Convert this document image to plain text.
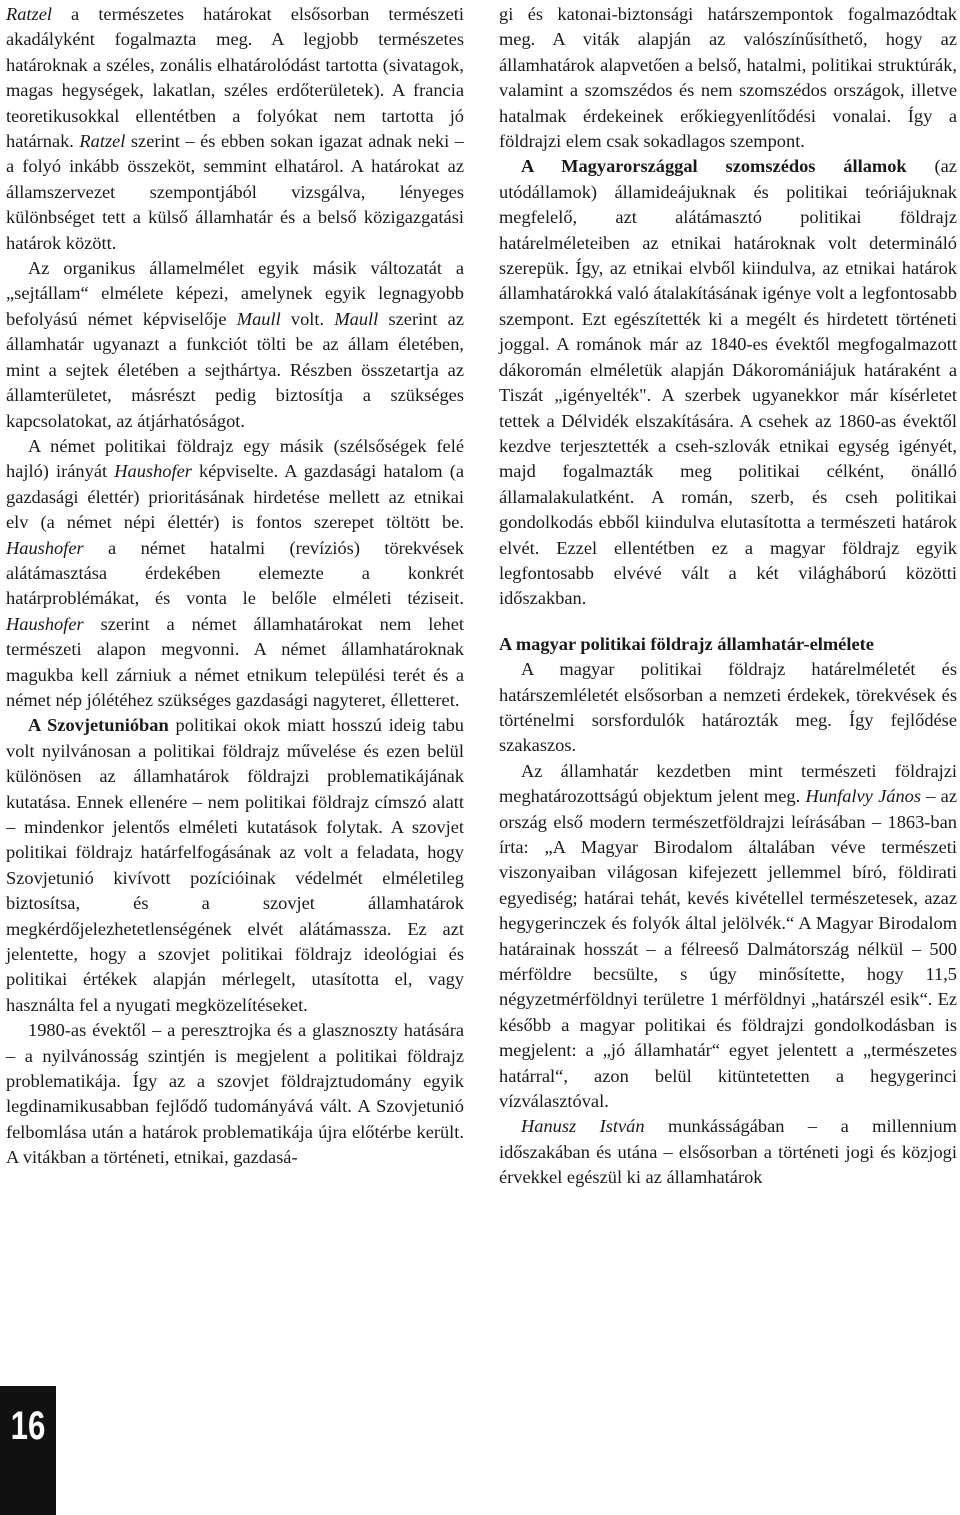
Ratzel a természetes határokat elsősorban természeti akadályként fogalmazta meg. A legjobb természetes határoknak a széles, zonális elhatárolódást tartotta (sivatagok, magas hegységek, lakatlan, széles erdőterületek). A francia teoretikusokkal ellentétben a folyókat nem tartotta jó határnak. Ratzel szerint – és ebben sokan igazat adnak neki – a folyó inkább összeköt, semmint elhatárol. A határokat az államszervezet szempontjából vizsgálva, lényeges különbséget tett a külső államhatár és a belső közigazgatási határok között.

Az organikus államelmélet egyik másik változatát a „sejtállam“ elmélete képezi, amelynek egyik legnagyobb befolyású német képviselője Maull volt. Maull szerint az államhatár ugyanazt a funkciót tölti be az állam életében, mint a sejtek életében a sejthártya. Részben összetartja az államterületet, másrészt pedig biztosítja a szükséges kapcsolatokat, az átjárhatóságot.

A német politikai földrajz egy másik (szélsőségek felé hajló) irányát Haushofer képviselte. A gazdasági hatalom (a gazdasági élettér) prioritásának hirdetése mellett az etnikai elv (a német népi élettér) is fontos szerepet töltött be. Haushofer a német hatalmi (revíziós) törekvések alátámasztása érdekében elemezte a konkrét határproblémákat, és vonta le belőle elméleti téziseit. Haushofer szerint a német államhatárokat nem lehet természeti alapon megvonni. A német államhatároknak magukba kell zárniuk a német etnikum települési terét és a német nép jólétéhez szükséges gazdasági nagyteret, élletteret.

A Szovjetunióban politikai okok miatt hosszú ideig tabu volt nyilvánosan a politikai földrajz művelése és ezen belül különösen az államhatárok földrajzi problematikájának kutatása. Ennek ellenére – nem politikai földrajz címszó alatt – mindenkor jelentős elméleti kutatások folytak. A szovjet politikai földrajz határfelfogásának az volt a feladata, hogy Szovjetunió kivívott pozícióinak védelmét elméletileg biztosítsa, és a szovjet államhatárok megkérdőjelezhetetlenségének elvét alátámassza. Ez azt jelentette, hogy a szovjet politikai földrajz ideológiai és politikai értékek alapján mérlegelt, utasította el, vagy használta fel a nyugati megközelítéseket.

1980-as évektől – a peresztrojka és a glasznoszty hatására – a nyilvánosság szintjén is megjelent a politikai földrajz problematikája. Így az a szovjet földrajztudomány egyik legdinamikusabban fejlődő tudományává vált. A Szovjetunió felbomlása után a határok problematikája újra előtérbe került. A vitákban a történeti, etnikai, gazdasá-

gi és katonai-biztonsági határszempontok fogalmazódtak meg. A viták alapján az valószínűsíthető, hogy az államhatárok alapvetően a belső, hatalmi, politikai struktúrák, valamint a szomszédos és nem szomszédos országok, illetve hatalmak érdekeinek erőkiegyenlítődési vonalai. Így a földrajzi elem csak sokadlagos szempont.

A Magyarországgal szomszédos államok (az utódállamok) államideájuknak és politikai teóriájuknak megfelelő, azt alátámasztó politikai földrajz határelméleteiben az etnikai határoknak volt determináló szerepük. Így, az etnikai elvből kiindulva, az etnikai határok államhatárokká való átalakításának igénye volt a legfontosabb szempont. Ezt egészítették ki a megélt és hirdetett történeti joggal. A románok már az 1840-es évektől megfogalmazott dákoromán elméletük alapján Dákoromániájuk határaként a Tiszát „igényelték". A szerbek ugyanekkor már kísérletet tettek a Délvidék elszakítására. A csehek az 1860-as évektől kezdve terjesztették a cseh-szlovák etnikai egység igényét, majd fogalmazták meg politikai célként, önálló államalakulatként. A román, szerb, és cseh politikai gondolkodás ebből kiindulva elutasította a természeti határok elvét. Ezzel ellentétben ez a magyar földrajz egyik legfontosabb elvévé vált a két világháború közötti időszakban.

A magyar politikai földrajz államhatár-elmélete

A magyar politikai földrajz határelméletét és határszemléletét elsősorban a nemzeti érdekek, törekvések és történelmi sorsfordulók határozták meg. Így fejlődése szakaszos.

Az államhatár kezdetben mint természeti földrajzi meghatározottságú objektum jelent meg. Hunfalvy János – az ország első modern természetföldrajzi leírásában – 1863-ban írta: „A Magyar Birodalom általában véve természeti viszonyaiban világosan kifejezett jellemmel bíró, földirati egyediség; határai tehát, kevés kivétellel természetesek, azaz hegygerinczek és folyók által jelölvék.“ A Magyar Birodalom határainak hosszát – a félreeső Dalmátország nélkül – 500 mérföldre becsülte, s úgy minősítette, hogy 11,5 négyzetmérföldnyi területre 1 mérföldnyi „határszél esik“. Ez később a magyar politikai és földrajzi gondolkodásban is megjelent: a „jó államhatár“ egyet jelentett a „természetes határral“, azon belül kitüntetetten a hegygerinci vízválasztóval.

Hanusz István munkásságában – a millennium időszakában és utána – elsősorban a történeti jogi és közjogi érvekkel egészül ki az államhatárok

16
